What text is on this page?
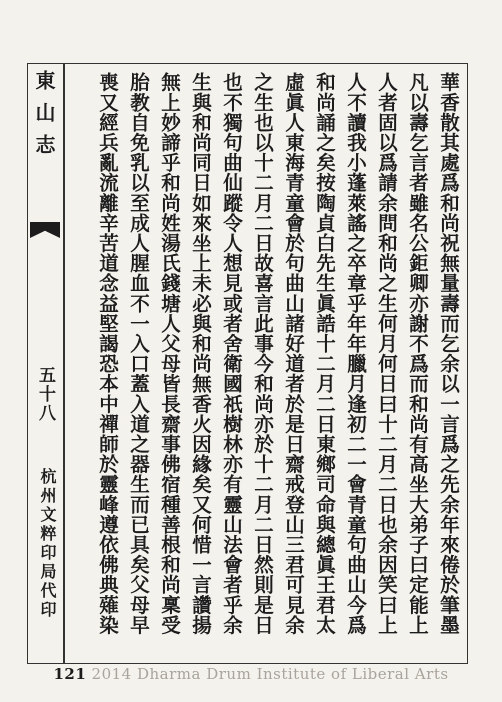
東山志
五十八
杭州文粹印局代印	華香散其處爲和尚祝無量壽而乞余以一言爲之先余年來倦於筆墨
凡以壽乞言者雖名公鉅卿亦謝不爲而和尚有高坐大弟子曰定能上
人者固以爲請余問和尚之生何月何日曰十二月二日也余因笑曰上
人不讀我小蓬萊謠之卒章乎年年臘月逢初二一會青童句曲山今爲
和尚誦之矣按陶貞白先生眞誥十二月二日東鄉司命與總眞王君太
虛眞人東海青童會於句曲山諸好道者於是日齋戒登山三君可見余
之生也以十二月二日故喜言此事今和尚亦於十二月二日然則是日
也不獨句曲仙蹤令人想見或者舍衛國祇樹林亦有靈山法會者乎余
生與和尚同日如來坐上未必與和尚無香火因緣矣又何惜一言讚揚
無上妙諦乎和尚姓湯氏錢塘人父母皆長齋事佛宿種善根和尚稟受
胎教自免乳以至成人腥血不一入口蓋入道之器生而已具矣父母早
喪又經兵亂流離辛苦道念益堅謁恐本中禪師於靈峰遵依佛典薙染
121 2014 Dharma Drum Institute of Liberal Arts
